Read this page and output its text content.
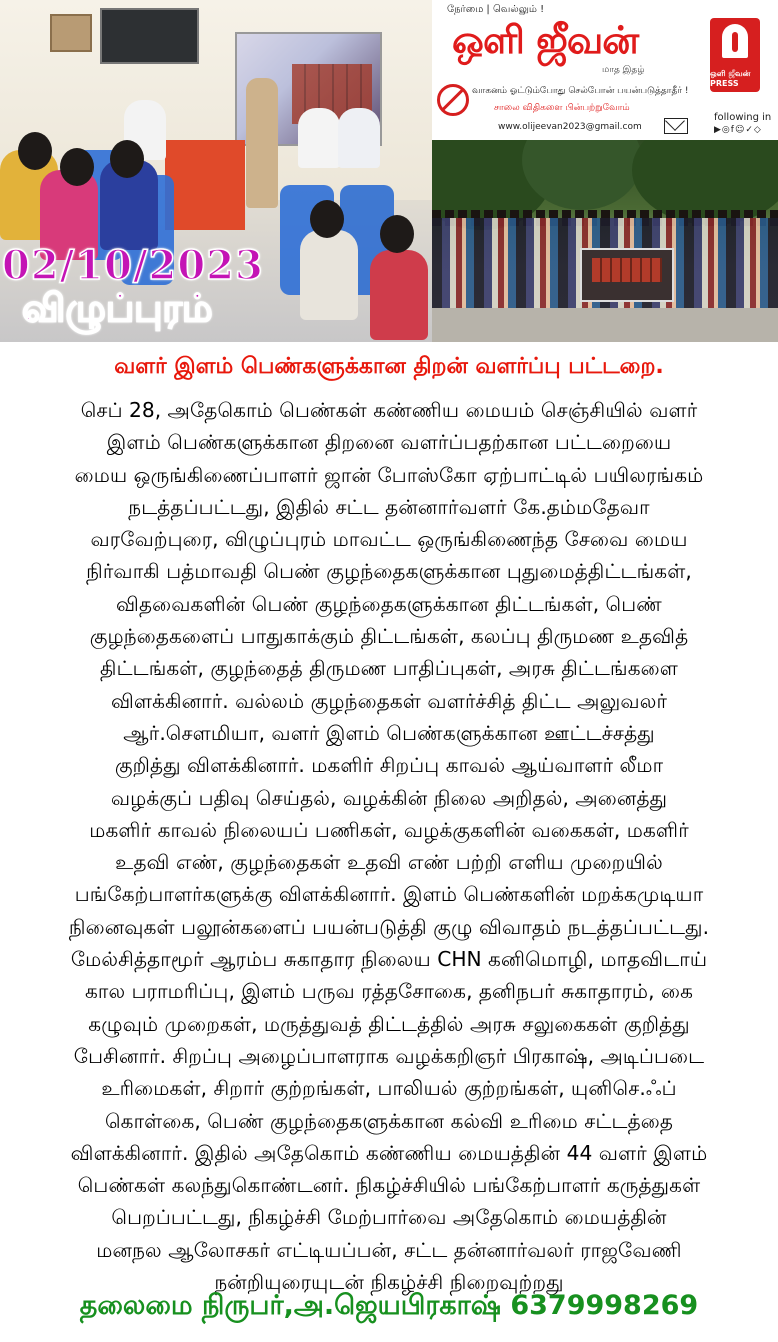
02/10/2023
விழுப்புரம்
நேர்மை | வெல்லும் !
ஒளி ஜீவன்
மாத இதழ்	ஒளி ஜீவன் PRESS
வாகனம் ஓட்டும்போது செல்போன் பயன்படுத்தாதீர் !
சாலை விதிகளை பின்பற்றுவோம்
www.olijeevan2023@gmail.com
following in
▶◎f☺✓◇
வளர் இளம் பெண்களுக்கான திறன் வளர்ப்பு பட்டறை.
செப் 28, அதேகொம் பெண்கள் கண்ணிய மையம் செஞ்சியில் வளர்
இளம் பெண்களுக்கான திறனை வளர்ப்பதற்கான பட்டறையை
மைய ஒருங்கிணைப்பாளர் ஜான் போஸ்கோ ஏற்பாட்டில் பயிலரங்கம்
நடத்தப்பட்டது, இதில் சட்ட தன்னார்வளர் கே.தம்மதேவா
வரவேற்புரை, விழுப்புரம் மாவட்ட ஒருங்கிணைந்த சேவை மைய
நிர்வாகி பத்மாவதி பெண் குழந்தைகளுக்கான புதுமைத்திட்டங்கள்,
விதவைகளின் பெண் குழந்தைகளுக்கான திட்டங்கள், பெண்
குழந்தைகளைப் பாதுகாக்கும் திட்டங்கள், கலப்பு திருமண உதவித்
திட்டங்கள், குழந்தைத் திருமண பாதிப்புகள், அரசு திட்டங்களை
விளக்கினார். வல்லம் குழந்தைகள் வளர்ச்சித் திட்ட அலுவலர்
ஆர்.சௌமியா, வளர் இளம் பெண்களுக்கான ஊட்டச்சத்து
குறித்து விளக்கினார். மகளிர் சிறப்பு காவல் ஆய்வாளர் லீமா
வழக்குப் பதிவு செய்தல், வழக்கின் நிலை அறிதல், அனைத்து
மகளிர் காவல் நிலையப் பணிகள், வழக்குகளின் வகைகள், மகளிர்
உதவி எண், குழந்தைகள் உதவி எண் பற்றி எளிய முறையில்
பங்கேற்பாளர்களுக்கு விளக்கினார். இளம் பெண்களின் மறக்கமுடியா
நினைவுகள் பலூன்களைப் பயன்படுத்தி குழு விவாதம் நடத்தப்பட்டது.
மேல்சித்தாமூர் ஆரம்ப சுகாதார நிலைய CHN கனிமொழி, மாதவிடாய்
கால பராமரிப்பு, இளம் பருவ ரத்தசோகை, தனிநபர் சுகாதாரம், கை
கழுவும் முறைகள், மருத்துவத் திட்டத்தில் அரசு சலுகைகள் குறித்து
பேசினார். சிறப்பு அழைப்பாளராக வழக்கறிஞர் பிரகாஷ், அடிப்படை
உரிமைகள், சிறார் குற்றங்கள், பாலியல் குற்றங்கள், யுனிசெ.ஃப்
கொள்கை, பெண் குழந்தைகளுக்கான கல்வி உரிமை சட்டத்தை
விளக்கினார். இதில் அதேகொம் கண்ணிய மையத்தின் 44 வளர் இளம்
பெண்கள் கலந்துகொண்டனர். நிகழ்ச்சியில் பங்கேற்பாளர் கருத்துகள்
பெறப்பட்டது, நிகழ்ச்சி மேற்பார்வை அதேகொம் மையத்தின்
மனநல ஆலோசகர் எட்டியப்பன், சட்ட தன்னார்வலர் ராஜவேணி
நன்றியுரையுடன் நிகழ்ச்சி நிறைவுற்றது
தலைமை நிருபர்,அ.ஜெயபிரகாஷ் 6379998269
